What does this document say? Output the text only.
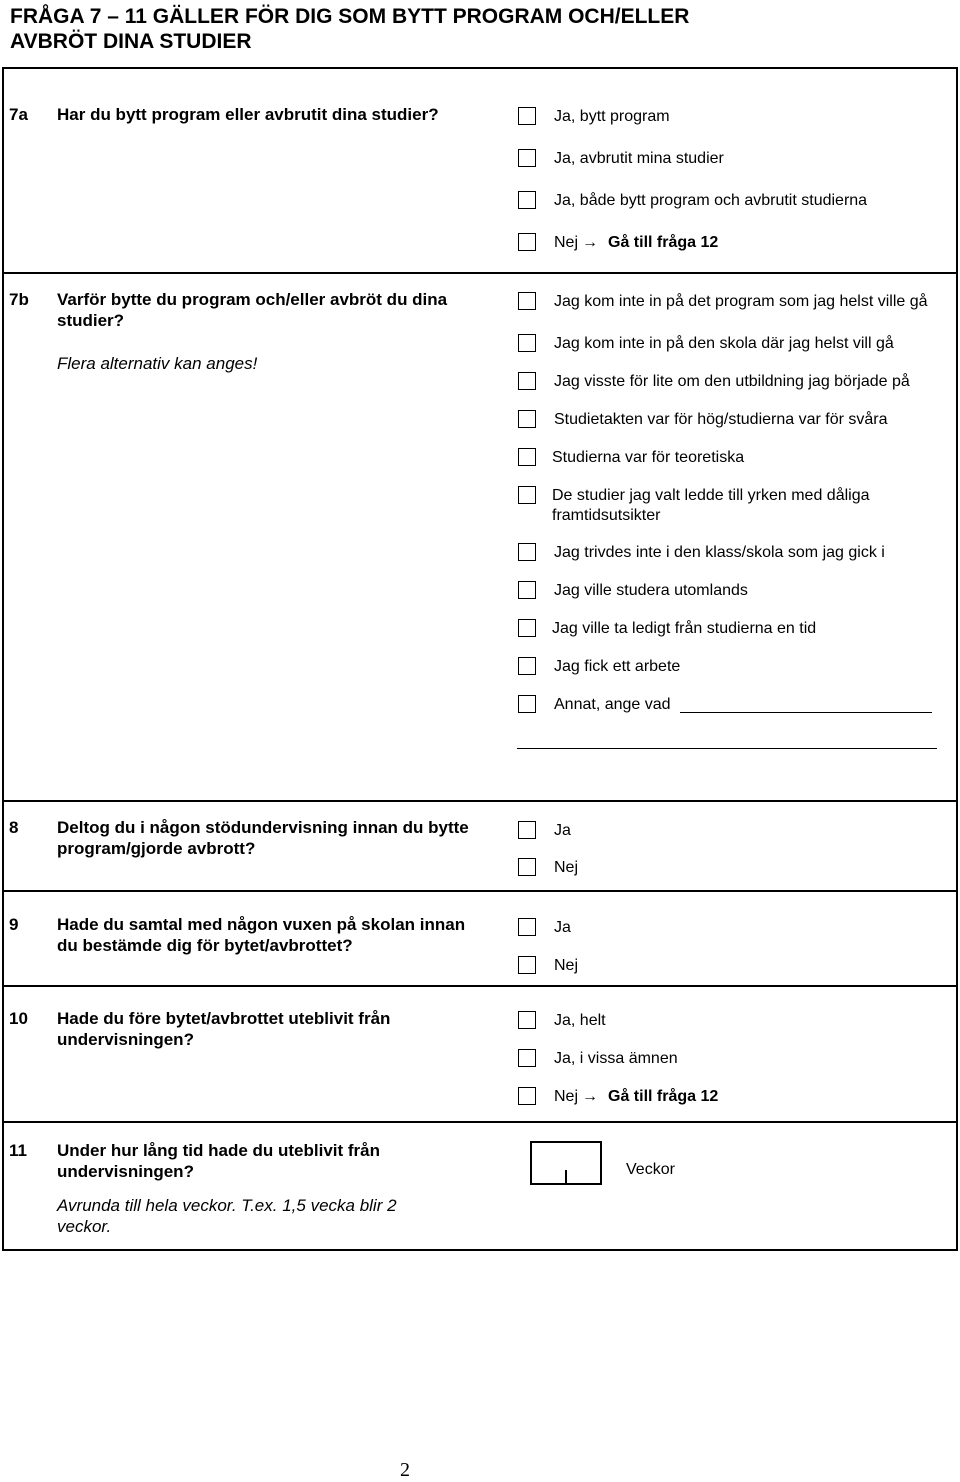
FRÅGA 7 – 11 GÄLLER FÖR DIG SOM BYTT PROGRAM OCH/ELLER
AVBRÖT DINA STUDIER
7a Har du bytt program eller avbrutit dina studier?	Ja, bytt program
Ja, avbrutit mina studier
Ja, både bytt program och avbrutit studierna
Nej → Gå till fråga 12
7b Varför bytte du program och/eller avbröt du dina studier?
Flera alternativ kan anges!
Jag kom inte in på det program som jag helst ville gå
Jag kom inte in på den skola där jag helst vill gå
Jag visste för lite om den utbildning jag började på
Studietakten var för hög/studierna var för svåra
Studierna var för teoretiska
De studier jag valt ledde till yrken med dåliga framtidsutsikter
Jag trivdes inte i den klass/skola som jag gick i
Jag ville studera utomlands
Jag ville ta ledigt från studierna en tid
Jag fick ett arbete
Annat, ange vad
8 Deltog du i någon stödundervisning innan du bytte program/gjorde avbrott?
Ja
Nej
9 Hade du samtal med någon vuxen på skolan innan du bestämde dig för bytet/avbrottet?
Ja
Nej
10 Hade du före bytet/avbrottet uteblivit från undervisningen?
Ja, helt
Ja, i vissa ämnen
Nej → Gå till fråga 12
11 Under hur lång tid hade du uteblivit från undervisningen?
Avrunda till hela veckor. T.ex. 1,5 vecka blir 2 veckor.
Veckor
2
